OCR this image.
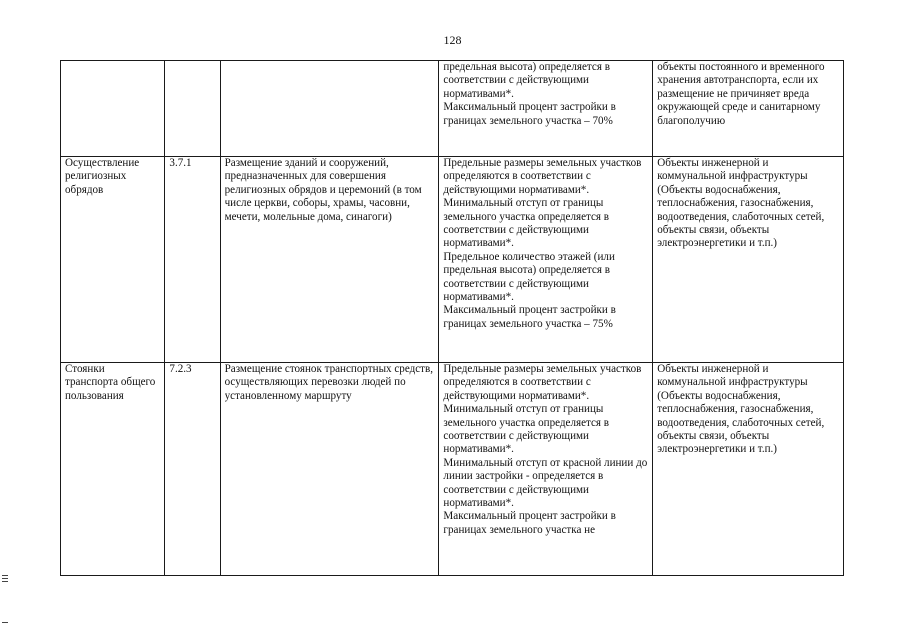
128

			предельная высота) определяется в соответствии с действующими нормативами*.
Максимальный процент застройки в границах земельного участка – 70%	объекты постоянного и временного хранения автотранспорта, если их размещение не причиняет вреда окружающей среде и санитарному благополучию

Осуществление религиозных обрядов	3.7.1	Размещение зданий и сооружений, предназначенных для совершения религиозных обрядов и церемоний (в том числе церкви, соборы, храмы, часовни, мечети, молельные дома, синагоги)	Предельные размеры земельных участков определяются в соответствии с действующими нормативами*.
Минимальный отступ от границы земельного участка определяется в соответствии с действующими нормативами*.
Предельное количество этажей (или предельная высота) определяется в соответствии с действующими нормативами*.
Максимальный процент застройки в границах земельного участка – 75%	Объекты инженерной и коммунальной инфраструктуры (Объекты водоснабжения, теплоснабжения, газоснабжения, водоотведения, слаботочных сетей, объекты связи, объекты электроэнергетики и т.п.)

Стоянки транспорта общего пользования	7.2.3	Размещение стоянок транспортных средств, осуществляющих перевозки людей по установленному маршруту	Предельные размеры земельных участков определяются в соответствии с действующими нормативами*.
Минимальный отступ от границы земельного участка определяется в соответствии с действующими нормативами*.
Минимальный отступ от красной линии до линии застройки - определяется в соответствии с действующими нормативами*.
Максимальный процент застройки в границах земельного участка не	Объекты инженерной и коммунальной инфраструктуры (Объекты водоснабжения, теплоснабжения, газоснабжения, водоотведения, слаботочных сетей, объекты связи, объекты электроэнергетики и т.п.)
